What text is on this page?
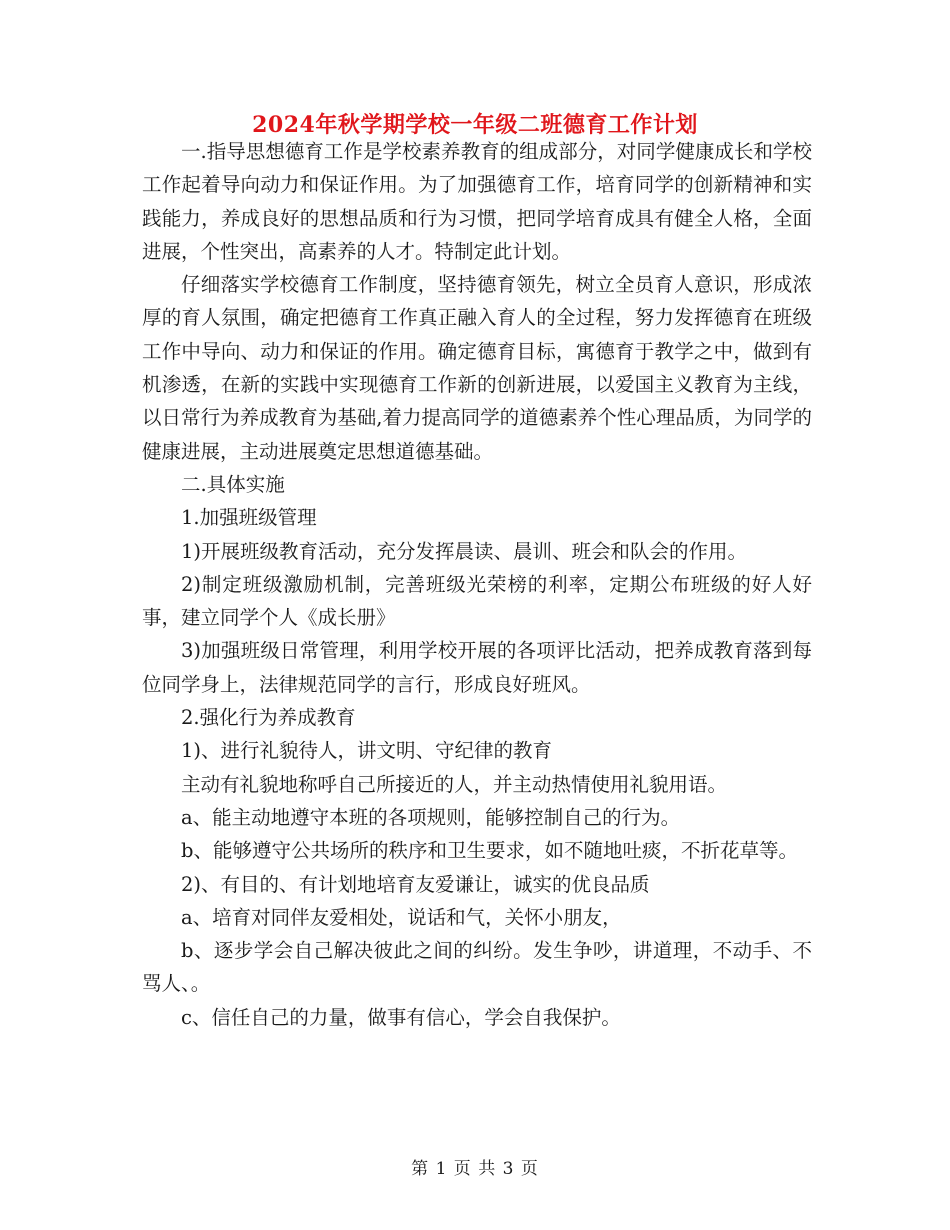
2024年秋学期学校一年级二班德育工作计划

一.指导思想德育工作是学校素养教育的组成部分，对同学健康成长和学校工作起着导向动力和保证作用。为了加强德育工作，培育同学的创新精神和实践能力，养成良好的思想品质和行为习惯，把同学培育成具有健全人格，全面进展，个性突出，高素养的人才。特制定此计划。

仔细落实学校德育工作制度，坚持德育领先，树立全员育人意识，形成浓厚的育人氛围，确定把德育工作真正融入育人的全过程，努力发挥德育在班级工作中导向、动力和保证的作用。确定德育目标，寓德育于教学之中，做到有机渗透，在新的实践中实现德育工作新的创新进展，以爱国主义教育为主线，以日常行为养成教育为基础,着力提高同学的道德素养个性心理品质，为同学的健康进展，主动进展奠定思想道德基础。

二.具体实施

1.加强班级管理

1)开展班级教育活动，充分发挥晨读、晨训、班会和队会的作用。

2)制定班级激励机制，完善班级光荣榜的利率，定期公布班级的好人好事，建立同学个人《成长册》

3)加强班级日常管理，利用学校开展的各项评比活动，把养成教育落到每位同学身上，法律规范同学的言行，形成良好班风。

2.强化行为养成教育

1)、进行礼貌待人，讲文明、守纪律的教育

主动有礼貌地称呼自己所接近的人，并主动热情使用礼貌用语。

a、能主动地遵守本班的各项规则，能够控制自己的行为。

b、能够遵守公共场所的秩序和卫生要求，如不随地吐痰，不折花草等。

2)、有目的、有计划地培育友爱谦让，诚实的优良品质

a、培育对同伴友爱相处，说话和气，关怀小朋友，

b、逐步学会自己解决彼此之间的纠纷。发生争吵，讲道理，不动手、不骂人、。

c、信任自己的力量，做事有信心，学会自我保护。

第 1 页 共 3 页
